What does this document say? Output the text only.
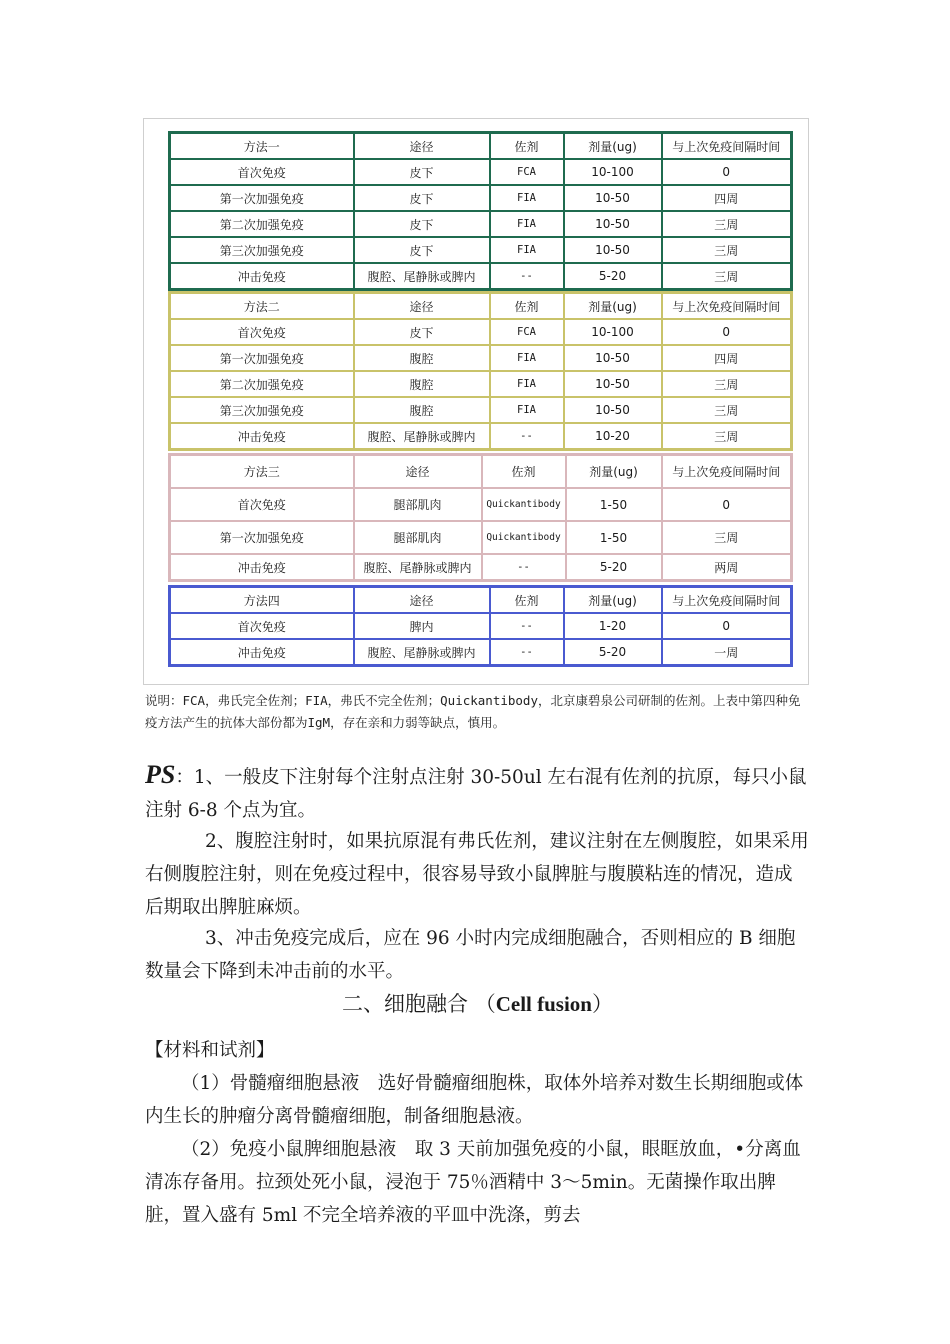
方法一	途径	佐剂	剂量(ug)	与上次免疫间隔时间
首次免疫	皮下	FCA	10-100	0
第一次加强免疫	皮下	FIA	10-50	四周
第二次加强免疫	皮下	FIA	10-50	三周
第三次加强免疫	皮下	FIA	10-50	三周
冲击免疫	腹腔、尾静脉或脾内	--	5-20	三周
方法二	途径	佐剂	剂量(ug)	与上次免疫间隔时间
首次免疫	皮下	FCA	10-100	0
第一次加强免疫	腹腔	FIA	10-50	四周
第二次加强免疫	腹腔	FIA	10-50	三周
第三次加强免疫	腹腔	FIA	10-50	三周
冲击免疫	腹腔、尾静脉或脾内	--	10-20	三周
方法三	途径	佐剂	剂量(ug)	与上次免疫间隔时间
首次免疫	腿部肌肉	Quickantibody	1-50	0
第一次加强免疫	腿部肌肉	Quickantibody	1-50	三周
冲击免疫	腹腔、尾静脉或脾内	--	5-20	两周
方法四	途径	佐剂	剂量(ug)	与上次免疫间隔时间
首次免疫	脾内	--	1-20	0
冲击免疫	腹腔、尾静脉或脾内	--	5-20	一周
说明：FCA，弗氏完全佐剂；FIA，弗氏不完全佐剂；Quickantibody，北京康碧泉公司研制的佐剂。上表中第四种免疫方法产生的抗体大部份都为IgM，存在亲和力弱等缺点，慎用。
PS：1、一般皮下注射每个注射点注射 30-50ul 左右混有佐剂的抗原，每只小鼠注射 6-8 个点为宜。
2、腹腔注射时，如果抗原混有弗氏佐剂，建议注射在左侧腹腔，如果采用右侧腹腔注射，则在免疫过程中，很容易导致小鼠脾脏与腹膜粘连的情况，造成后期取出脾脏麻烦。
3、冲击免疫完成后，应在 96 小时内完成细胞融合，否则相应的 B 细胞数量会下降到未冲击前的水平。
二、细胞融合 （Cell fusion）
【材料和试剂】
（1）骨髓瘤细胞悬液　选好骨髓瘤细胞株，取体外培养对数生长期细胞或体内生长的肿瘤分离骨髓瘤细胞，制备细胞悬液。
（2）免疫小鼠脾细胞悬液　取 3 天前加强免疫的小鼠，眼眶放血，•分离血清冻存备用。拉颈处死小鼠，浸泡于 75％酒精中 3～5min。无菌操作取出脾脏，置入盛有 5ml 不完全培养液的平皿中洗涤，剪去
